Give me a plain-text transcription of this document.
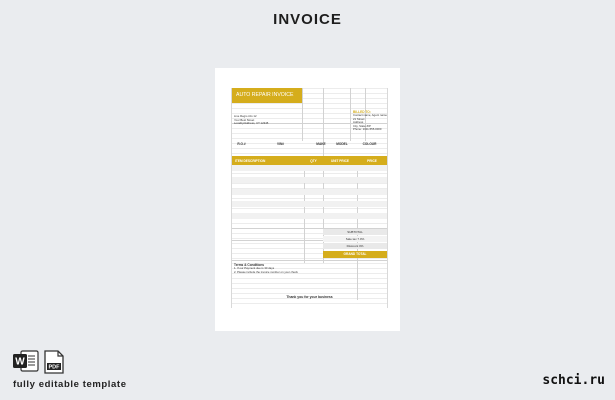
INVOICE
AUTO REPAIR INVOICE
Line Regio info 12
Your Best Street
Locality/Address, CT 12345
BILLED TO:
Contact name, Agent name
21 Street
Address
City, State ZIP
Phone: 1011-555-0000
R.O.#	VIN#	MAKE	MODEL	COLOUR
ITEM DESCRIPTION	QTY	UNIT PRICE	PRICE
SUBTOTAL
Sale tax 7.0%
Discount 0%
GRAND TOTAL
Terms & Conditions
1. If our Payment due is 30 days
2. Please include the invoice number on your check
Thank you for your business
W
PDF
fully editable template	schci.ru
